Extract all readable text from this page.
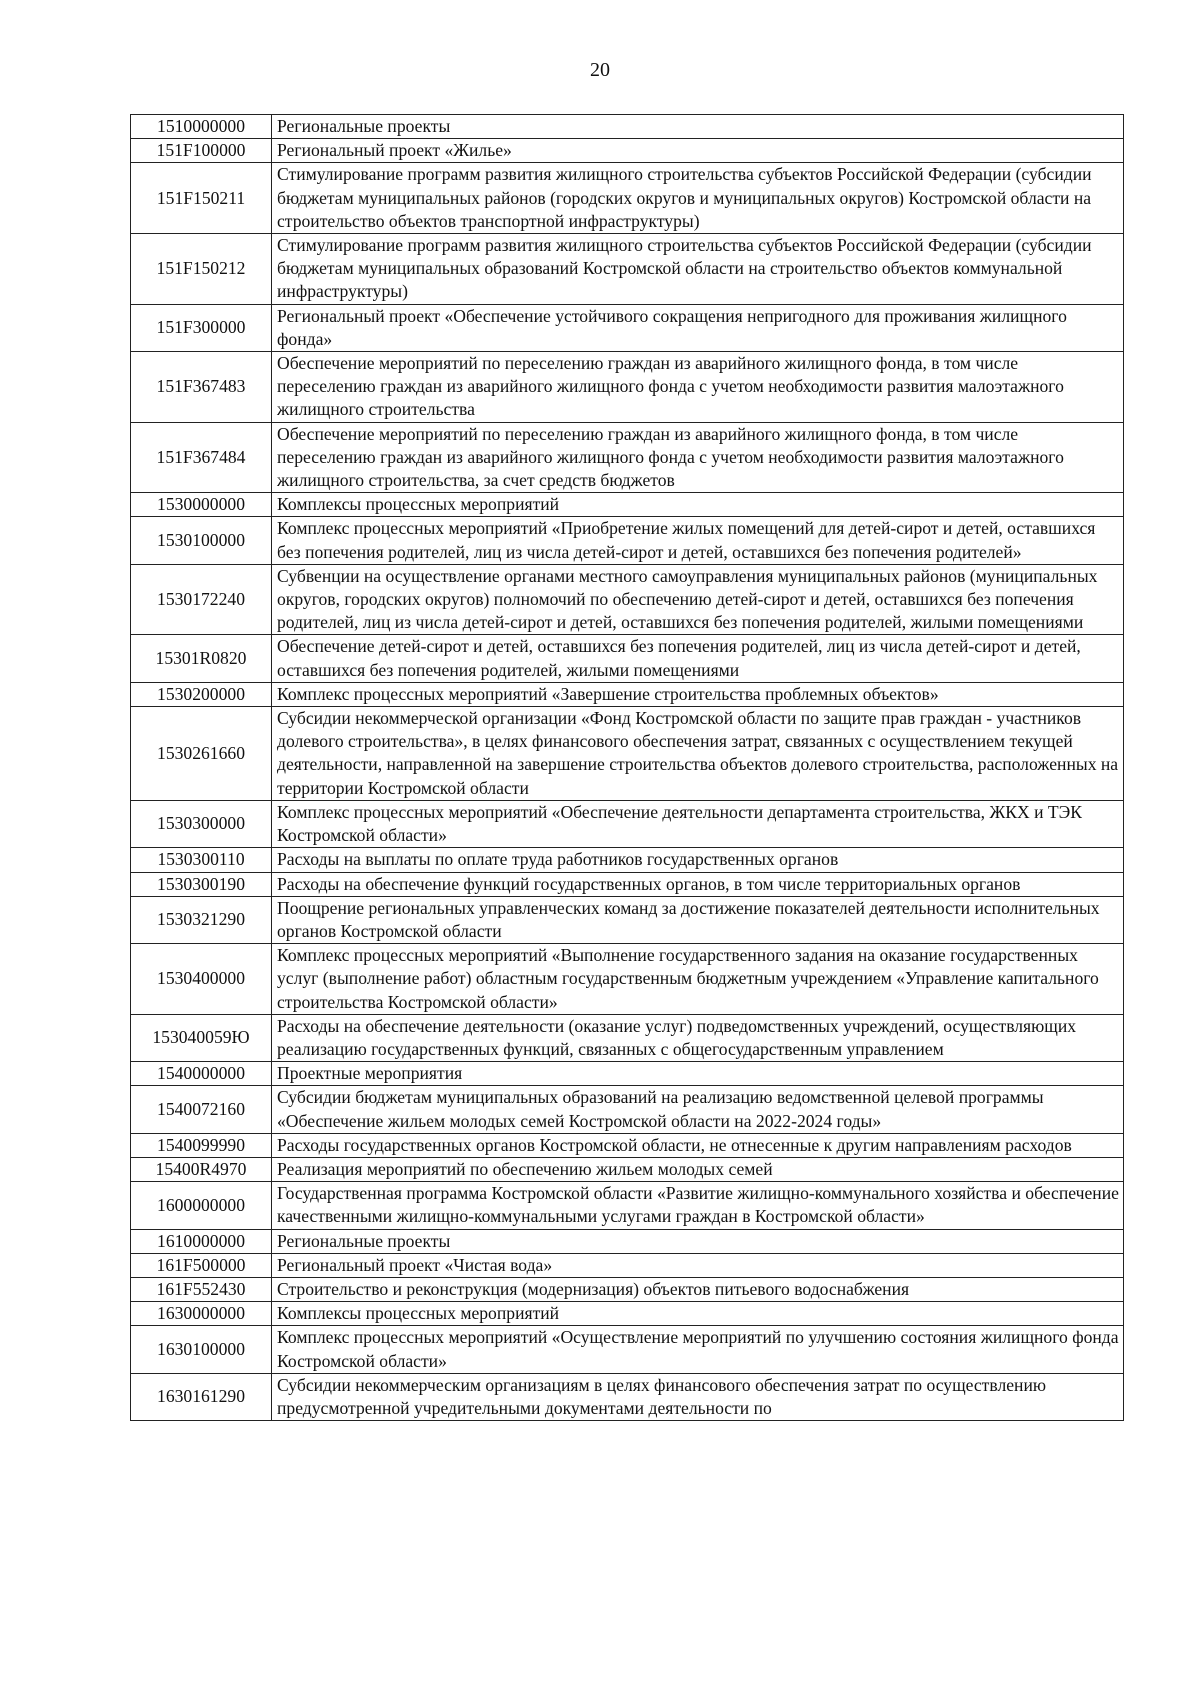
20
1510000000	Региональные проекты
151F100000	Региональный проект «Жилье»
151F150211	Стимулирование программ развития жилищного строительства субъектов Российской Федерации (субсидии бюджетам муниципальных районов (городских округов и муниципальных округов) Костромской области на строительство объектов транспортной инфраструктуры)
151F150212	Стимулирование программ развития жилищного строительства субъектов Российской Федерации (субсидии бюджетам муниципальных образований Костромской области на строительство объектов коммунальной инфраструктуры)
151F300000	Региональный проект «Обеспечение устойчивого сокращения непригодного для проживания жилищного фонда»
151F367483	Обеспечение мероприятий по переселению граждан из аварийного жилищного фонда, в том числе переселению граждан из аварийного жилищного фонда с учетом необходимости развития малоэтажного жилищного строительства
151F367484	Обеспечение мероприятий по переселению граждан из аварийного жилищного фонда, в том числе переселению граждан из аварийного жилищного фонда с учетом необходимости развития малоэтажного жилищного строительства, за счет средств бюджетов
1530000000	Комплексы процессных мероприятий
1530100000	Комплекс процессных мероприятий «Приобретение жилых помещений для детей-сирот и детей, оставшихся без попечения родителей, лиц из числа детей-сирот и детей, оставшихся без попечения родителей»
1530172240	Субвенции на осуществление органами местного самоуправления муниципальных районов (муниципальных округов, городских округов) полномочий по обеспечению детей-сирот и детей, оставшихся без попечения родителей, лиц из числа детей-сирот и детей, оставшихся без попечения родителей, жилыми помещениями
15301R0820	Обеспечение детей-сирот и детей, оставшихся без попечения родителей, лиц из числа детей-сирот и детей, оставшихся без попечения родителей, жилыми помещениями
1530200000	Комплекс процессных мероприятий «Завершение строительства проблемных объектов»
1530261660	Субсидии некоммерческой организации «Фонд Костромской области по защите прав граждан - участников долевого строительства», в целях финансового обеспечения затрат, связанных с осуществлением текущей деятельности, направленной на завершение строительства объектов долевого строительства, расположенных на территории Костромской области
1530300000	Комплекс процессных мероприятий «Обеспечение деятельности департамента строительства, ЖКХ и ТЭК Костромской области»
1530300110	Расходы на выплаты по оплате труда работников государственных органов
1530300190	Расходы на обеспечение функций государственных органов, в том числе территориальных органов
1530321290	Поощрение региональных управленческих команд за достижение показателей деятельности исполнительных органов Костромской области
1530400000	Комплекс процессных мероприятий «Выполнение государственного задания на оказание государственных услуг (выполнение работ) областным государственным бюджетным учреждением «Управление капитального строительства Костромской области»
153040059Ю	Расходы на обеспечение деятельности (оказание услуг) подведомственных учреждений, осуществляющих реализацию государственных функций, связанных с общегосударственным управлением
1540000000	Проектные мероприятия
1540072160	Субсидии бюджетам муниципальных образований на реализацию ведомственной целевой программы «Обеспечение жильем молодых семей Костромской области на 2022-2024 годы»
1540099990	Расходы государственных органов Костромской области, не отнесенные к другим направлениям расходов
15400R4970	Реализация мероприятий по обеспечению жильем молодых семей
1600000000	Государственная программа Костромской области «Развитие жилищно-коммунального хозяйства и обеспечение качественными жилищно-коммунальными услугами граждан в Костромской области»
1610000000	Региональные проекты
161F500000	Региональный проект «Чистая вода»
161F552430	Строительство и реконструкция (модернизация) объектов питьевого водоснабжения
1630000000	Комплексы процессных мероприятий
1630100000	Комплекс процессных мероприятий «Осуществление мероприятий по улучшению состояния жилищного фонда Костромской области»
1630161290	Субсидии некоммерческим организациям в целях финансового обеспечения затрат по осуществлению предусмотренной учредительными документами деятельности по
